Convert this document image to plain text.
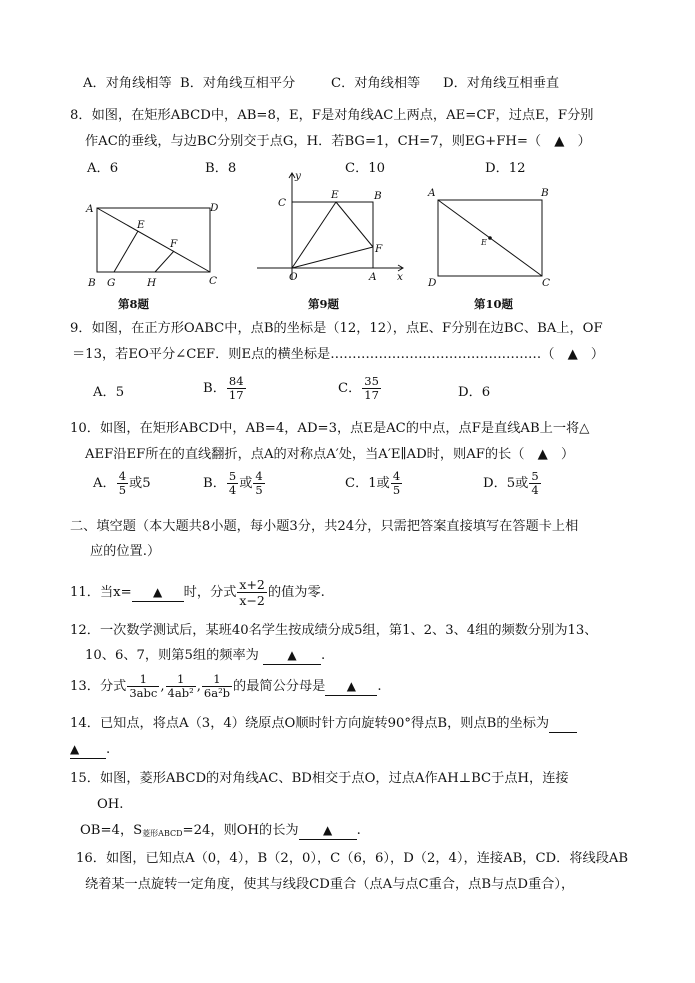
A．对角线相等 B．对角线互相平分	C．对角线相等 D．对角线互相垂直
8．如图，在矩形ABCD中，AB=8，E，F是对角线AC上两点，AE=CF，过点E，F分别
作AC的垂线，与边BC分别交于点G，H．若BG=1，CH=7，则EG+FH=（　▲　）
A．6	B．8	C．10	D．12
A	D
E
F
B G	H	C
第8题
y
C
E	B
F
O	A x
第9题
A	B
E
D	C
第10题
9．如图，在正方形OABC中，点B的坐标是（12，12），点E、F分别在边BC、BA上，OF
＝13，若EO平分∠CEF．则E点的横坐标是…………………………………………（　▲　）
A．5	B． $\frac{84}{17}$	C． $\frac{35}{17}$	D．6
10．如图，在矩形ABCD中，AB=4，AD=3，点E是AC的中点，点F是直线AB上一将△
AEF沿EF所在的直线翻折，点A的对称点A′处，当A′E∥AD时，则AF的长（　▲　）
A． $\frac{4}{5}$ 或5	B． $\frac{5}{4}$ 或 $\frac{4}{5}$	C．1或 $\frac{4}{5}$	D．5或 $\frac{5}{4}$
二、填空题（本大题共8小题，每小题3分，共24分，只需把答案直接填写在答题卡上相
应的位置.）
11．当x= ▲ 时，分式 $\frac{x+2}{x-2}$ 的值为零.
12．一次数学测试后，某班40名学生按成绩分成5组，第1、2、3、4组的频数分别为13、
10、6、7，则第5组的频率为 ▲ .
13．分式	1
3abc , $\frac{1}{\text{4ab²}}$ , $\frac{1}{\text{6a²b}}$ 的最简公分母是 ▲ .
14．已知点，将点A（3，4）绕原点O顺时针方向旋转90°得点B，则点B的坐标为
▲ .
15．如图，菱形ABCD的对角线AC、BD相交于点O，过点A作AH⊥BC于点H，连接
OH.
OB=4，S菱形ABCD=24，则OH的长为 ▲ .
16．如图，已知点A（0，4），B（2，0），C（6，6），D（2，4），连接AB，CD．将线段AB
绕着某一点旋转一定角度，使其与线段CD重合（点A与点C重合，点B与点D重合），
